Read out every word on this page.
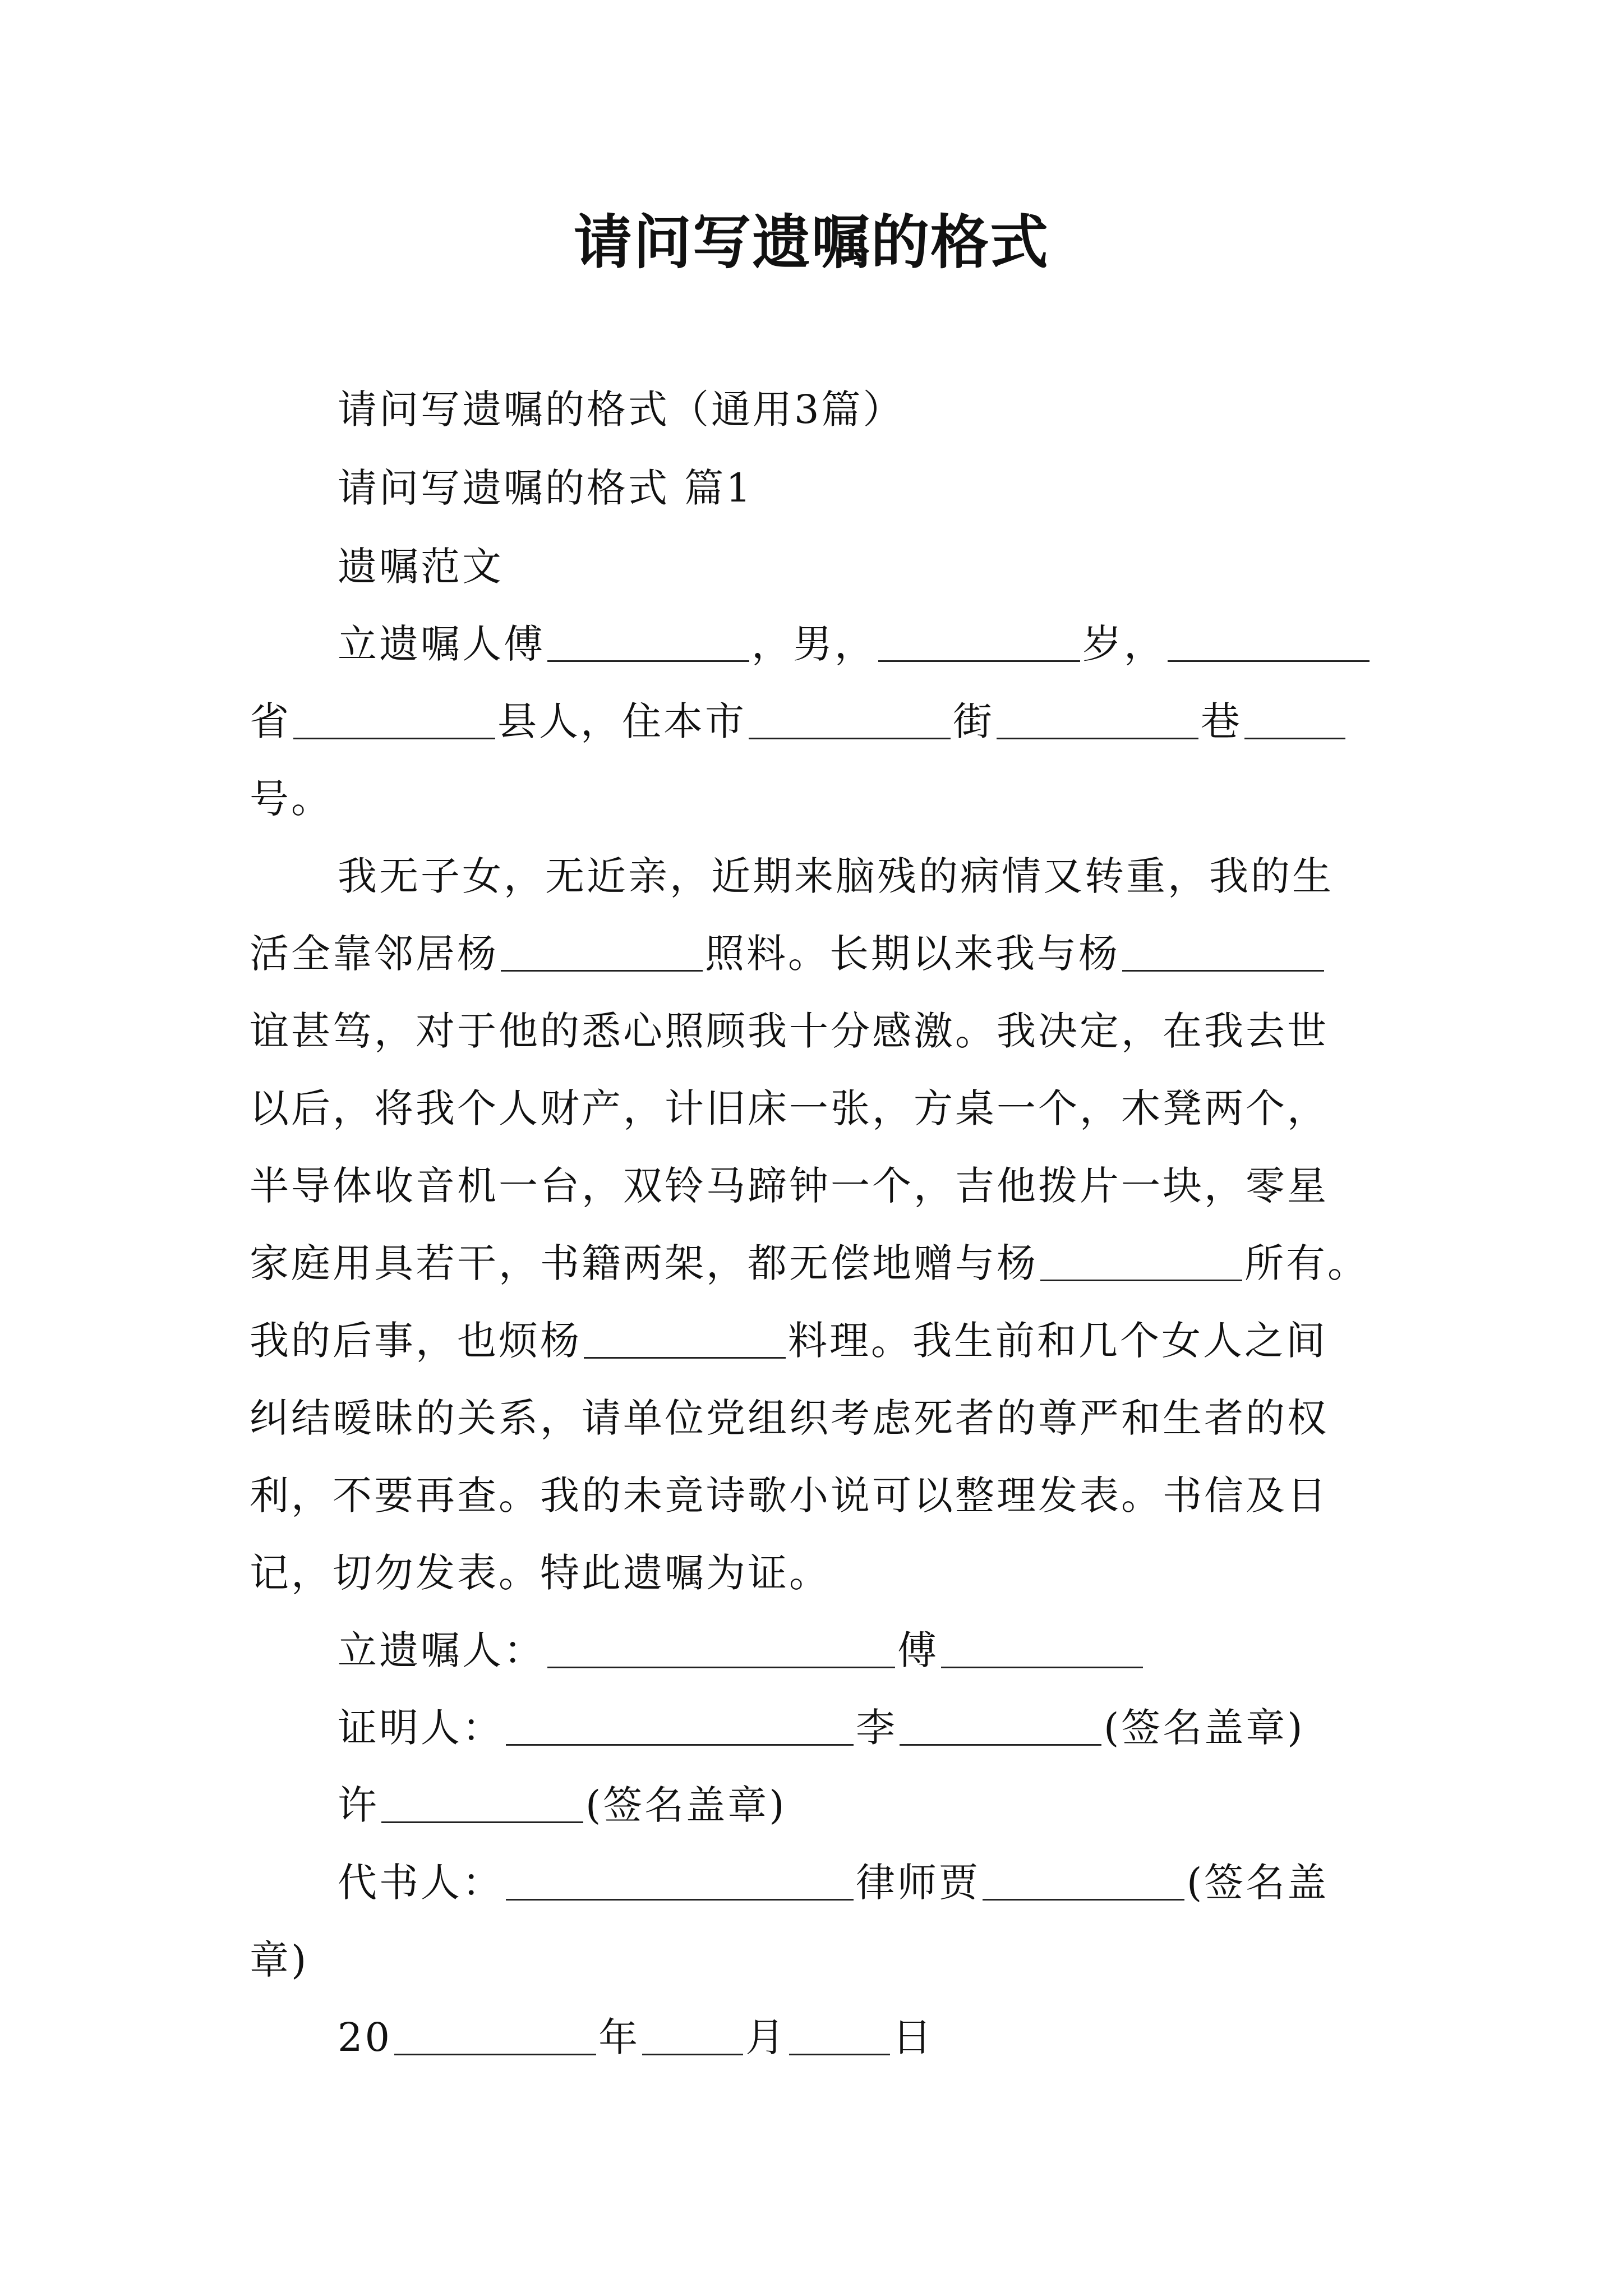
请问写遗嘱的格式

请问写遗嘱的格式（通用3篇）

请问写遗嘱的格式 篇1

遗嘱范文

立遗嘱人傅	，男，	岁，

省	县人，住本市	街	巷

号。

我无子女，无近亲，近期来脑残的病情又转重，我的生

活全靠邻居杨	照料。长期以来我与杨

谊甚笃，对于他的悉心照顾我十分感激。我决定，在我去世

以后，将我个人财产，计旧床一张，方桌一个，木凳两个，

半导体收音机一台，双铃马蹄钟一个，吉他拨片一块，零星

家庭用具若干，书籍两架，都无偿地赠与杨	所有。

我的后事，也烦杨	料理。我生前和几个女人之间

纠结暧昧的关系，请单位党组织考虑死者的尊严和生者的权

利，不要再查。我的未竟诗歌小说可以整理发表。书信及日

记，切勿发表。特此遗嘱为证。

立遗嘱人：	傅

证明人：	李	(签名盖章)

许	(签名盖章)

代书人：	律师贾	(签名盖

章)

20	年	月	日
